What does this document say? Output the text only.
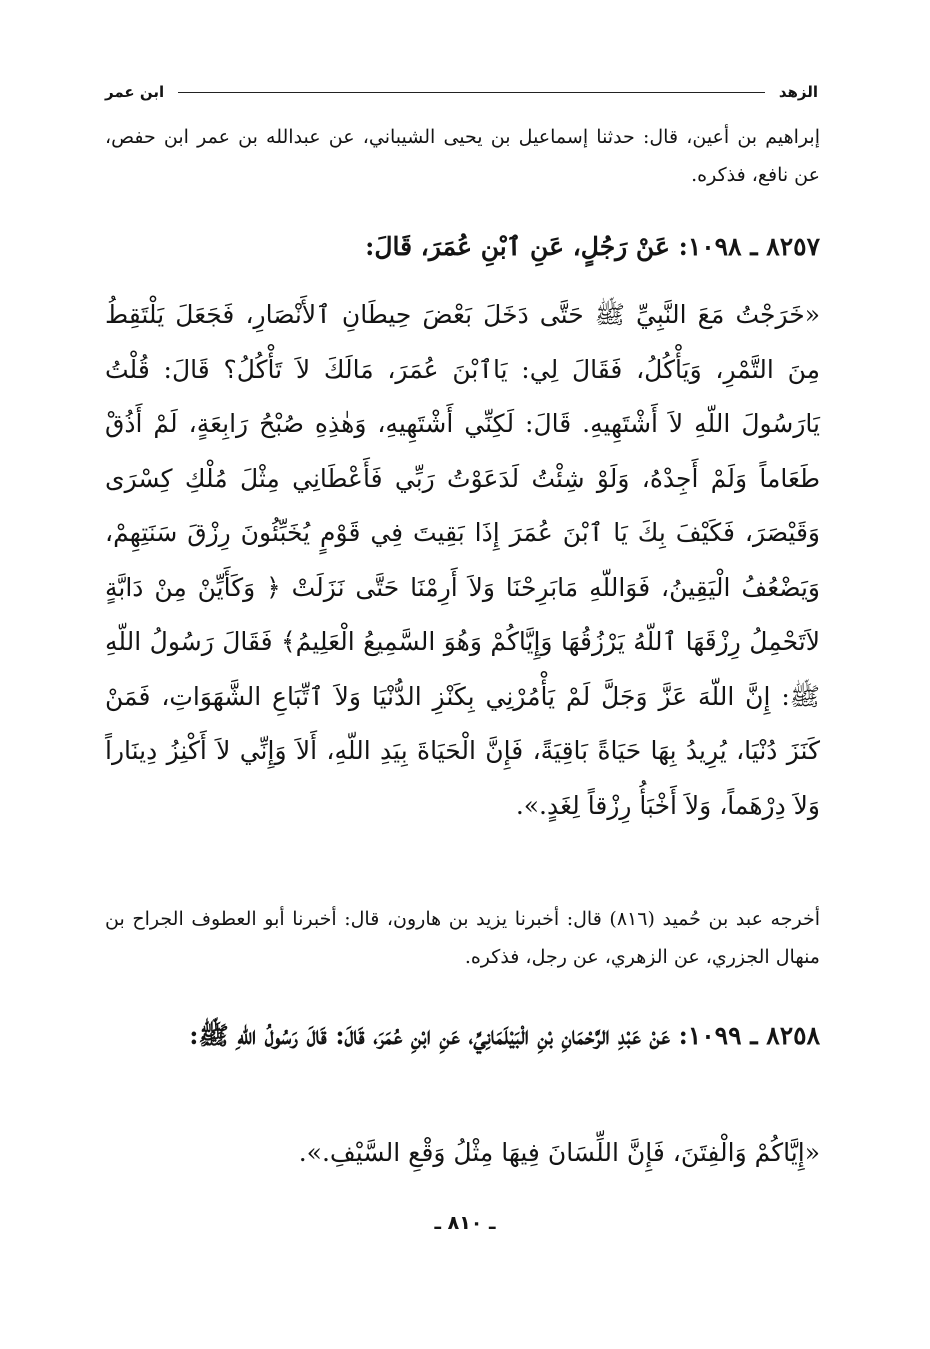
الزهد
ابن عمر
إبراهيم بن أعين، قال: حدثنا إسماعيل بن يحيى الشيباني، عن عبدالله بن عمر ابن حفص، عن نافع، فذكره.
٨٢٥٧ ـ ١٠٩٨: عَنْ رَجُلٍ، عَنِ ٱبْنِ عُمَرَ، قَالَ:
«خَرَجْتُ مَعَ النَّبِيِّ ﷺ حَتَّى دَخَلَ بَعْضَ حِيطَانِ ٱلأَنْصَارِ، فَجَعَلَ يَلْتَقِطُ مِنَ التَّمْرِ، وَيَأْكُلُ، فَقَالَ لِي: يَاٱبْنَ عُمَرَ، مَالَكَ لاَ تَأْكُلُ؟ قَالَ: قُلْتُ يَارَسُولَ اللّهِ لاَ أَشْتَهِيهِ. قَالَ: لَكِنِّي أَشْتَهِيهِ، وَهٰذِهِ صُبْحُ رَابِعَةٍ، لَمْ أَذُقْ طَعَاماً وَلَمْ أَجِدْهُ، وَلَوْ شِئْتُ لَدَعَوْتُ رَبِّي فَأَعْطَانِي مِثْلَ مُلْكِ كِسْرَى وَقَيْصَرَ، فَكَيْفَ بِكَ يَا ٱبْنَ عُمَرَ إِذَا بَقِيتَ فِي قَوْمٍ يُخَبِّئُونَ رِزْقَ سَنَتِهِمْ، وَيَضْعُفُ الْيَقِينُ، فَوَاللّهِ مَابَرِحْنَا وَلاَ أَرِمْنَا حَتَّى نَزَلَتْ ﴿ وَكَأَيِّنْ مِنْ دَابَّةٍ لاَتَحْمِلُ رِزْقَهَا ٱللّهُ يَرْزُقُهَا وَإِيَّاكُمْ وَهُوَ السَّمِيعُ الْعَلِيمُ﴾ فَقَالَ رَسُولُ اللّهِ ﷺ: إِنَّ اللّهَ عَزَّ وَجَلَّ لَمْ يَأْمُرْنِي بِكَنْزِ الدُّنْيَا وَلاَ ٱتِّبَاعِ الشَّهَوَاتِ، فَمَنْ كَنَزَ دُنْيَا، يُرِيدُ بِهَا حَيَاةً بَاقِيَةً، فَإِنَّ الْحَيَاةَ بِيَدِ اللّهِ، أَلاَ وَإِنِّي لاَ أَكْنِزُ دِينَاراً وَلاَ دِرْهَماً، وَلاَ أَخْبَأُ رِزْقاً لِغَدٍ.».
أخرجه عبد بن حُميد (٨١٦) قال: أخبرنا يزيد بن هارون، قال: أخبرنا أبو العطوف الجراح بن منهال الجزري، عن الزهري، عن رجل، فذكره.
٨٢٥٨ ـ ١٠٩٩: عَنْ عَبْدِ الرَّحْمَانِ بْنِ الْبَيْلَمَانِيِّ، عَنِ ابْنِ عُمَرَ، قَالَ: قَالَ رَسُولُ اللّهِ ﷺ:
«إِيَّاكُمْ وَالْفِتَنَ، فَإِنَّ اللِّسَانَ فِيهَا مِثْلُ وَقْعِ السَّيْفِ.».
ـ ٨١٠ ـ
